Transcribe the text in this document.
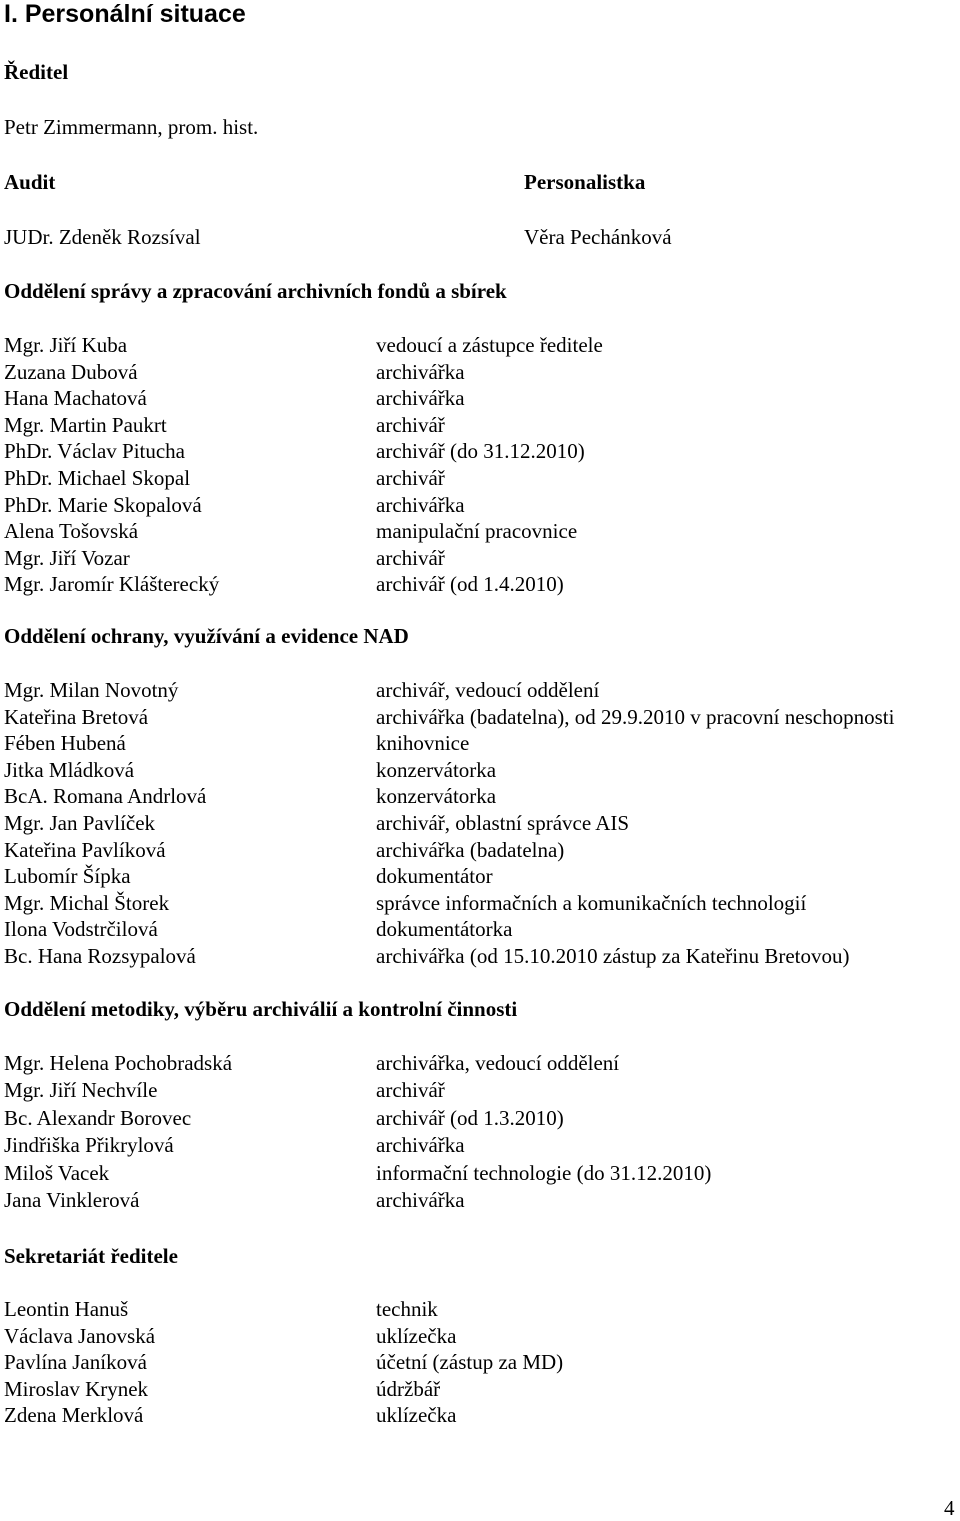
I. Personální situace
Ředitel
Petr Zimmermann, prom. hist.
Audit	Personalistka
JUDr. Zdeněk Rozsíval	Věra Pechánková
Oddělení správy a zpracování archivních fondů a sbírek
Mgr. Jiří Kuba	vedoucí a zástupce ředitele
Zuzana Dubová	archivářka
Hana Machatová	archivářka
Mgr. Martin Paukrt	archivář
PhDr. Václav Pitucha	archivář (do 31.12.2010)
PhDr. Michael Skopal	archivář
PhDr. Marie Skopalová	archivářka
Alena Tošovská	manipulační pracovnice
Mgr. Jiří Vozar	archivář
Mgr. Jaromír Klášterecký	archivář (od 1.4.2010)
Oddělení ochrany, využívání a evidence NAD
Mgr. Milan Novotný	archivář, vedoucí oddělení
Kateřina Bretová	archivářka (badatelna), od 29.9.2010 v pracovní neschopnosti
Fében Hubená	knihovnice
Jitka Mládková	konzervátorka
BcA. Romana Andrlová	konzervátorka
Mgr. Jan Pavlíček	archivář, oblastní správce AIS
Kateřina Pavlíková	archivářka (badatelna)
Lubomír Šípka	dokumentátor
Mgr. Michal Štorek	správce informačních a komunikačních technologií
Ilona Vodstrčilová	dokumentátorka
Bc. Hana Rozsypalová	archivářka (od 15.10.2010 zástup za Kateřinu Bretovou)
Oddělení metodiky, výběru archiválií a kontrolní činnosti
Mgr. Helena Pochobradská	archivářka, vedoucí oddělení
Mgr. Jiří Nechvíle	archivář
Bc. Alexandr Borovec	archivář (od 1.3.2010)
Jindřiška Přikrylová	archivářka
Miloš Vacek	informační technologie (do 31.12.2010)
Jana Vinklerová	archivářka
Sekretariát ředitele
Leontin Hanuš	technik
Václava Janovská	uklízečka
Pavlína Janíková	účetní (zástup za MD)
Miroslav Krynek	údržbář
Zdena Merklová	uklízečka
4
